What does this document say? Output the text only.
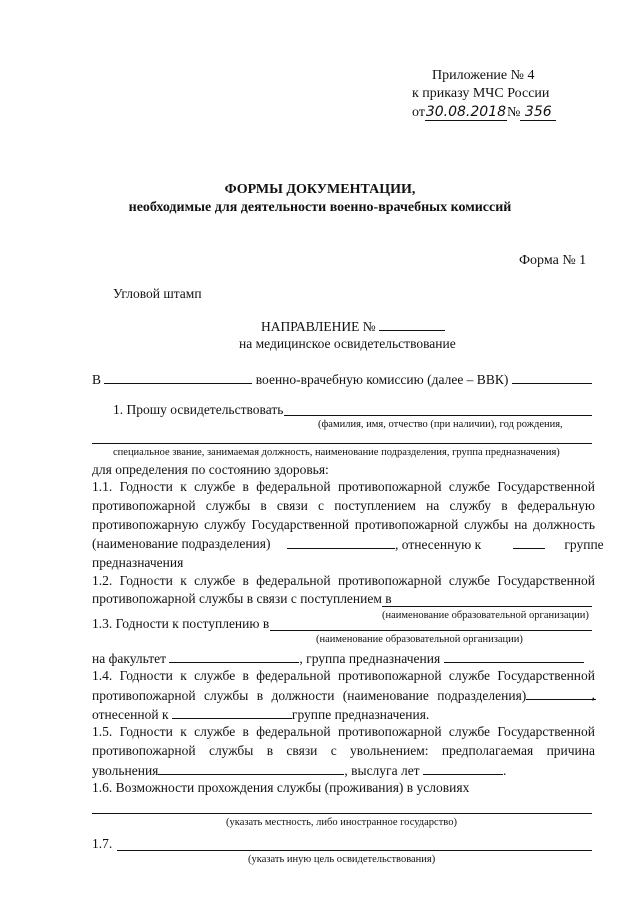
Приложение № 4
к приказу МЧС России
от30.08.2018№ 356
ФОРМЫ ДОКУМЕНТАЦИИ,
необходимые для деятельности военно-врачебных комиссий
Форма № 1
Угловой штамп
НАПРАВЛЕНИЕ №
на медицинское освидетельствование
В	военно-врачебную комиссию (далее – ВВК)
1. Прошу освидетельствовать
(фамилия, имя, отчество (при наличии), год рождения,
специальное звание, занимаемая должность, наименование подразделения, группа предназначения)
для определения по состоянию здоровья:
1.1. Годности к службе в федеральной противопожарной службе Государственной
противопожарной службы в связи с поступлением на службу в федеральную
противопожарную службу Государственной противопожарной службы на должность
(наименование подразделения)	, отнесенную к	группе
предназначения
1.2. Годности к службе в федеральной противопожарной службе Государственной
противопожарной службы в связи с поступлением в
(наименование образовательной организации)
1.3. Годности к поступлению в
(наименование образовательной организации)
на факультет	, группа предназначения
1.4. Годности к службе в федеральной противопожарной службе Государственной
противопожарной службы в должности (наименование подразделения)	,
отнесенной к	группе предназначения.
1.5. Годности к службе в федеральной противопожарной службе Государственной
противопожарной службы в связи с увольнением: предполагаемая причина
увольнения	, выслуга лет	.
1.6. Возможности прохождения службы (проживания) в условиях
(указать местность, либо иностранное государство)
1.7.
(указать иную цель освидетельствования)
